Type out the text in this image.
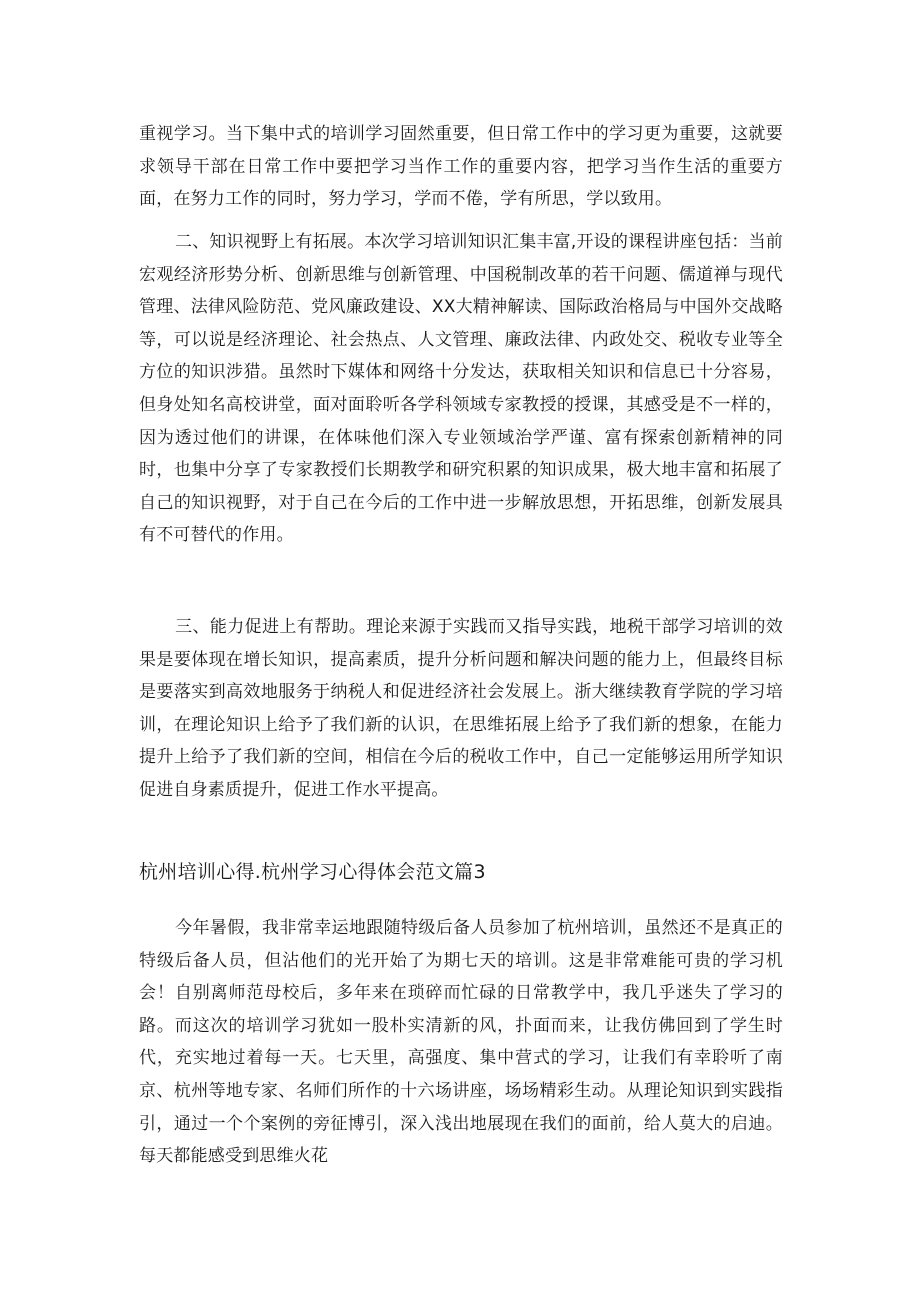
重视学习。当下集中式的培训学习固然重要，但日常工作中的学习更为重要，这就要求领导干部在日常工作中要把学习当作工作的重要内容，把学习当作生活的重要方面，在努力工作的同时，努力学习，学而不倦，学有所思，学以致用。

二、知识视野上有拓展。本次学习培训知识汇集丰富,开设的课程讲座包括：当前宏观经济形势分析、创新思维与创新管理、中国税制改革的若干问题、儒道禅与现代管理、法律风险防范、党风廉政建设、XX大精神解读、国际政治格局与中国外交战略等，可以说是经济理论、社会热点、人文管理、廉政法律、内政处交、税收专业等全方位的知识涉猎。虽然时下媒体和网络十分发达，获取相关知识和信息已十分容易，但身处知名高校讲堂，面对面聆听各学科领域专家教授的授课，其感受是不一样的，因为透过他们的讲课，在体味他们深入专业领域治学严谨、富有探索创新精神的同时，也集中分享了专家教授们长期教学和研究积累的知识成果，极大地丰富和拓展了自己的知识视野，对于自己在今后的工作中进一步解放思想，开拓思维，创新发展具有不可替代的作用。

三、能力促进上有帮助。理论来源于实践而又指导实践，地税干部学习培训的效果是要体现在增长知识，提高素质，提升分析问题和解决问题的能力上，但最终目标是要落实到高效地服务于纳税人和促进经济社会发展上。浙大继续教育学院的学习培训，在理论知识上给予了我们新的认识，在思维拓展上给予了我们新的想象，在能力提升上给予了我们新的空间，相信在今后的税收工作中，自己一定能够运用所学知识促进自身素质提升，促进工作水平提高。

杭州培训心得.杭州学习心得体会范文篇3

今年暑假，我非常幸运地跟随特级后备人员参加了杭州培训，虽然还不是真正的特级后备人员，但沾他们的光开始了为期七天的培训。这是非常难能可贵的学习机会！自别离师范母校后，多年来在琐碎而忙碌的日常教学中，我几乎迷失了学习的路。而这次的培训学习犹如一股朴实清新的风，扑面而来，让我仿佛回到了学生时代，充实地过着每一天。七天里，高强度、集中营式的学习，让我们有幸聆听了南京、杭州等地专家、名师们所作的十六场讲座，场场精彩生动。从理论知识到实践指引，通过一个个案例的旁征博引，深入浅出地展现在我们的面前，给人莫大的启迪。每天都能感受到思维火花
